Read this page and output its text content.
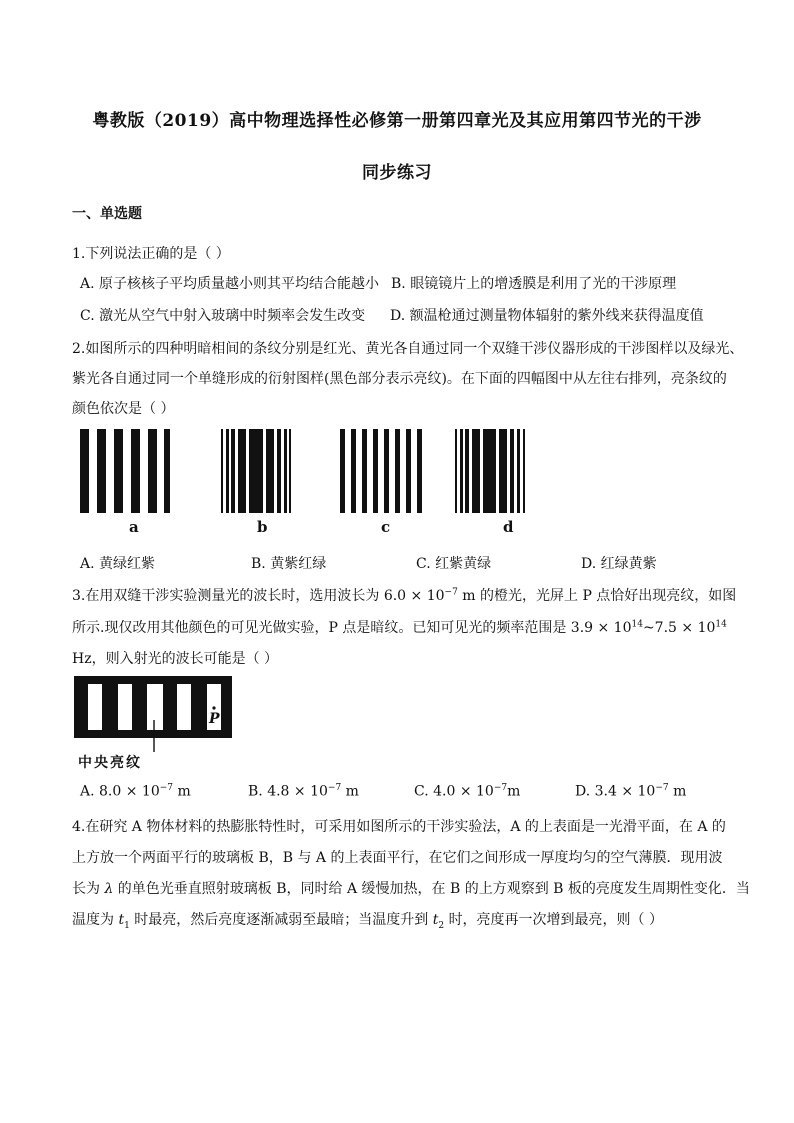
粤教版（2019）高中物理选择性必修第一册第四章光及其应用第四节光的干涉
同步练习
一、单选题
1.下列说法正确的是（ ）
A. 原子核核子平均质量越小则其平均结合能越小 B. 眼镜镜片上的增透膜是利用了光的干涉原理
C. 激光从空气中射入玻璃中时频率会发生改变 D. 额温枪通过测量物体辐射的紫外线来获得温度值
2.如图所示的四种明暗相间的条纹分别是红光、黄光各自通过同一个双缝干涉仪器形成的干涉图样以及绿光、
紫光各自通过同一个单缝形成的衍射图样(黑色部分表示亮纹)。在下面的四幅图中从左往右排列，亮条纹的
颜色依次是（ ）
a	b	c	d
A. 黄绿红紫	B. 黄紫红绿	C. 红紫黄绿	D. 红绿黄紫
3.在用双缝干涉实验测量光的波长时，选用波长为 $6.0 \times 10^{-7}$ m 的橙光，光屏上 P 点恰好出现亮纹，如图
所示.现仅改用其他颜色的可见光做实验，P 点是暗纹。已知可见光的频率范围是 $3.9 \times 10^{14}\sim 7.5 \times 10^{14}$
Hz，则入射光的波长可能是（ ）
P
中央亮纹
A. $8.0 \times 10^{-7}$ m	B. $4.8 \times 10^{-7}$ m	C. $4.0 \times 10^{-7}m$	D. $3.4 \times 10^{-7}$ m
4.在研究 A 物体材料的热膨胀特性时，可采用如图所示的干涉实验法，A 的上表面是一光滑平面，在 A 的
上方放一个两面平行的玻璃板 B，B 与 A 的上表面平行，在它们之间形成一厚度均匀的空气薄膜．现用波
长为 λ 的单色光垂直照射玻璃板 B，同时给 A 缓慢加热，在 B 的上方观察到 B 板的亮度发生周期性变化．当
温度为 $t_1$ 时最亮，然后亮度逐渐减弱至最暗；当温度升到 $t_2$ 时，亮度再一次增到最亮，则（ ）
